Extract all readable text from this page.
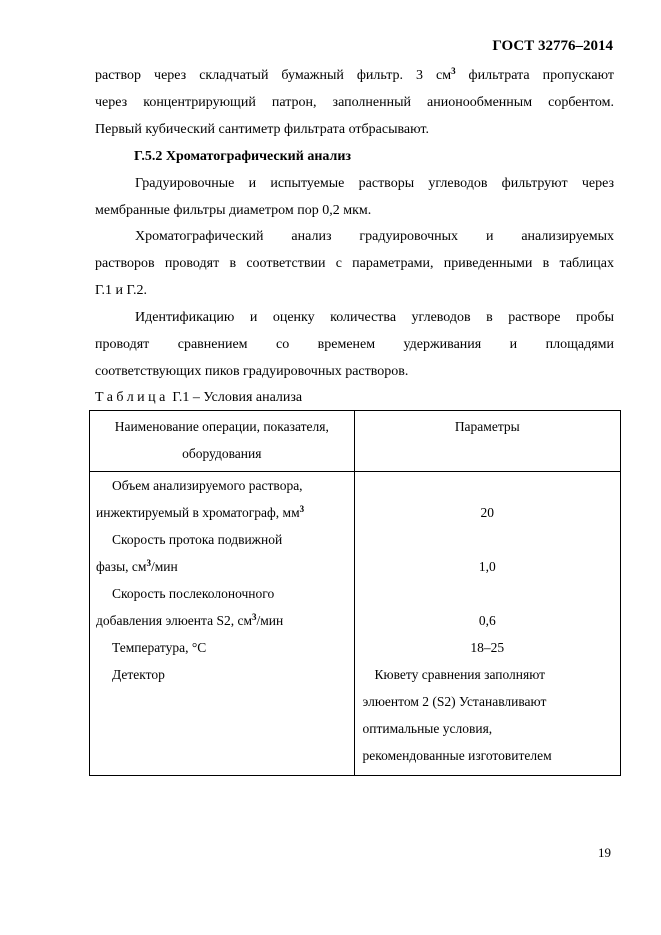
ГОСТ 32776–2014
раствор через складчатый бумажный фильтр. 3 $см^3$ фильтрата пропускают
через концентрирующий патрон, заполненный анионообменным сорбентом.
Первый кубический сантиметр фильтрата отбрасывают.
Г.5.2 Хроматографический анализ
Градуировочные и испытуемые растворы углеводов фильтруют через
мембранные фильтры диаметром пор 0,2 мкм.
Хроматографический анализ градуировочных и анализируемых
растворов проводят в соответствии с параметрами, приведенными в таблицах
Г.1 и Г.2.
Идентификацию и оценку количества углеводов в растворе пробы
проводят сравнением со временем удерживания и площадями
соответствующих пиков градуировочных растворов.
Таблица Г.1 – Условия анализа
Наименование операции, показателя,
оборудования	Параметры

Объем анализируемого раствора,
инжектируемый в хроматограф, $мм^3$	20

Скорость протока подвижной
фазы, $см^3$/мин	1,0

Скорость послеколоночного
добавления элюента S2, $см^3$/мин	0,6

Температура, °С	18–25

Детектор	Кювету сравнения заполняют
элюентом 2 (S2) Устанавливают
оптимальные условия,
рекомендованные изготовителем
19
